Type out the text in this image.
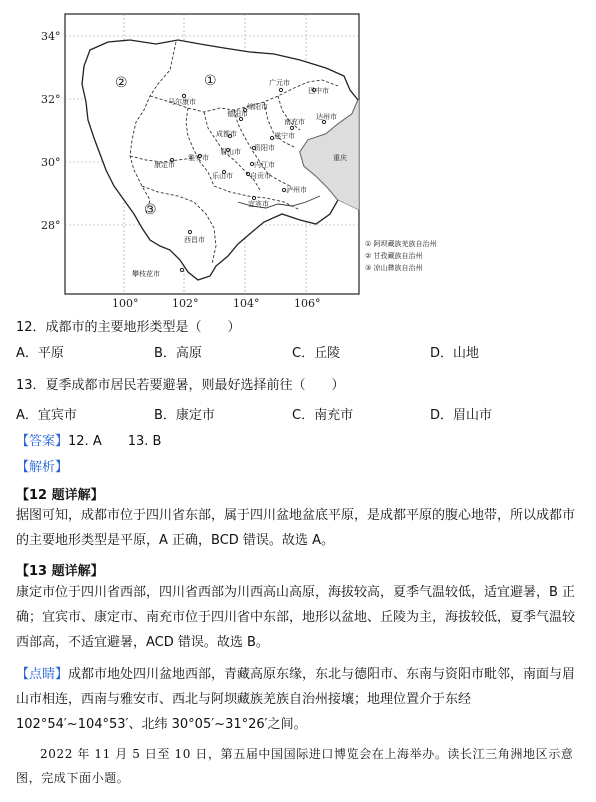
34°
32°
30°
28°
100°	102°	104°	106°
①
②
③
广元市
巴中市
马尔康市
绵阳市
德阳市
南充市
达州市
成都市	遂宁市
资阳市
雅安市
康定市
眉山市
内江市
乐山市 自贡市
泸州市
宜宾市
西昌市
攀枝花市
重庆
① 阿坝藏族羌族自治州
② 甘孜藏族自治州
③ 凉山彝族自治州
12．成都市的主要地形类型是（　　）
A．平原	B．高原	C．丘陵	D．山地
13．夏季成都市居民若要避暑，则最好选择前往（　　）
A．宜宾市	B．康定市	C．南充市	D．眉山市
【答案】12. A　　13. B
【解析】
【12 题详解】
据图可知，成都市位于四川省东部，属于四川盆地盆底平原，是成都平原的腹心地带，所以成都市的主要地形类型是平原，A 正确，BCD 错误。故选 A。
【13 题详解】
康定市位于四川省西部，四川省西部为川西高山高原，海拔较高，夏季气温较低，适宜避暑，B 正确；宜宾市、康定市、南充市位于四川省中东部，地形以盆地、丘陵为主，海拔较低，夏季气温较西部高，不适宜避暑，ACD 错误。故选 B。
【点睛】成都市地处四川盆地西部，青藏高原东缘，东北与德阳市、东南与资阳市毗邻，南面与眉山市相连，西南与雅安市、西北与阿坝藏族羌族自治州接壤；地理位置介于东经 102°54′~104°53′、北纬 30°05′~31°26′之间。
2022 年 11 月 5 日至 10 日，第五届中国国际进口博览会在上海举办。读长江三角洲地区示意图，完成下面小题。
